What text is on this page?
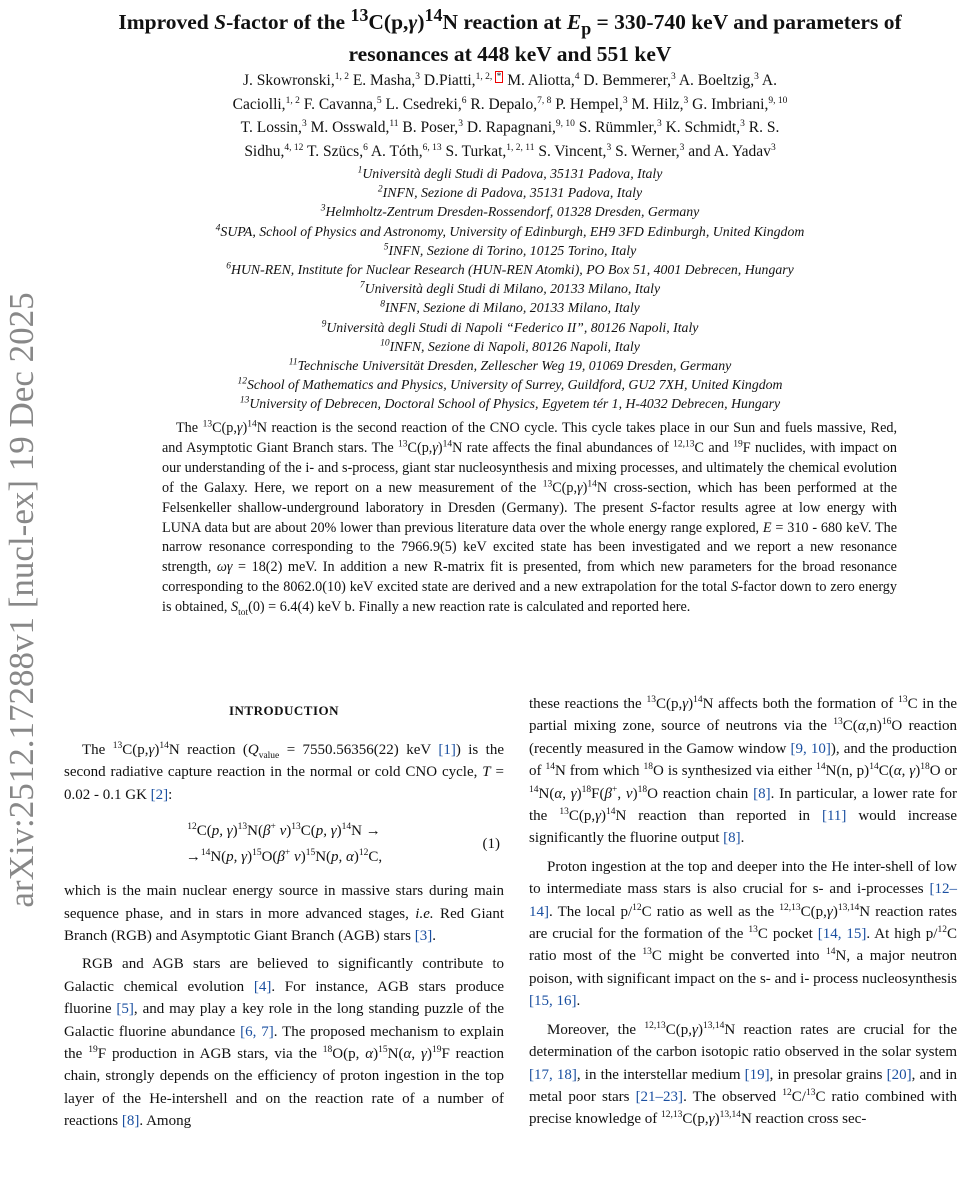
arXiv:2512.17288v1 [nucl-ex] 19 Dec 2025
Improved S-factor of the $^{13}C(p,\gamma)^{14}N$ reaction at $E_p = 330-740$ keV and parameters of
resonances at 448 keV and 551 keV
J. Skowronski,$^{1, 2}$ E. Masha,$^3$ D.Piatti,$^{1, 2, *}$ M. Aliotta,$^4$ D. Bemmerer,$^3$ A. Boeltzig,$^3$ A.
Caciolli,$^{1, 2}$ F. Cavanna,$^5$ L. Csedreki,$^6$ R. Depalo,$^{7, 8}$ P. Hempel,$^3$ M. Hilz,$^3$ G. Imbriani,$^{9, 10}$
T. Lossin,$^3$ M. Osswald,$^{11}$ B. Poser,$^3$ D. Rapagnani,$^{9, 10}$ S. Rümmler,$^3$ K. Schmidt,$^3$ R. S.
Sidhu,$^{4, 12}$ T. Szücs,$^6$ A. Tóth,$^{6, 13}$ S. Turkat,$^{1, 2, 11}$ S. Vincent,$^3$ S. Werner,$^3$ and A. Yadav$^3$
$^1$Università degli Studi di Padova, 35131 Padova, Italy
$^2$INFN, Sezione di Padova, 35131 Padova, Italy
$^3$Helmholtz-Zentrum Dresden-Rossendorf, 01328 Dresden, Germany
$^4$SUPA, School of Physics and Astronomy, University of Edinburgh, EH9 3FD Edinburgh, United Kingdom
$^5$INFN, Sezione di Torino, 10125 Torino, Italy
$^6$HUN-REN, Institute for Nuclear Research (HUN-REN Atomki), PO Box 51, 4001 Debrecen, Hungary
$^7$Università degli Studi di Milano, 20133 Milano, Italy
$^8$INFN, Sezione di Milano, 20133 Milano, Italy
$^9$Università degli Studi di Napoli “Federico II”, 80126 Napoli, Italy
$^{10}$INFN, Sezione di Napoli, 80126 Napoli, Italy
$^{11}$Technische Universität Dresden, Zellescher Weg 19, 01069 Dresden, Germany
$^{12}$School of Mathematics and Physics, University of Surrey, Guildford, GU2 7XH, United Kingdom
$^{13}$University of Debrecen, Doctoral School of Physics, Egyetem tér 1, H-4032 Debrecen, Hungary
The $^{13}C(p,\gamma)^{14}N$ reaction is the second reaction of the CNO cycle. This cycle takes place in our Sun and fuels massive, Red, and Asymptotic Giant Branch stars. The $^{13}C(p,\gamma)^{14}N$ rate affects the final abundances of $^{12,13}$C and $^{19}$F nuclides, with impact on our understanding of the i- and s-process, giant star nucleosynthesis and mixing processes, and ultimately the chemical evolution of the Galaxy. Here, we report on a new measurement of the $^{13}C(p,\gamma)^{14}N$ cross-section, which has been performed at the Felsenkeller shallow-underground laboratory in Dresden (Germany). The present S-factor results agree at low energy with LUNA data but are about 20% lower than previous literature data over the whole energy range explored, E = 310 - 680 keV. The narrow resonance corresponding to the 7966.9(5) keV excited state has been investigated and we report a new resonance strength, ωγ = 18(2) meV. In addition a new R-matrix fit is presented, from which new parameters for the broad resonance corresponding to the 8062.0(10) keV excited state are derived and a new extrapolation for the total S-factor down to zero energy is obtained, $S_{tot}(0) = 6.4(4)$ keV b. Finally a new reaction rate is calculated and reported here.
INTRODUCTION

The $^{13}C(p,\gamma)^{14}N$ reaction ($Q_{value} = 7550.56356(22)$ keV [1]) is the second radiative capture reaction in the normal or cold CNO cycle, T = 0.02 - 0.1 GK [2]:

$^{12}$C(p, γ)$^{13}$N(β+ ν)$^{13}$C(p, γ)$^{14}$N →
→$^{14}$N(p, γ)$^{15}$O(β+ ν)$^{15}$N(p, α)$^{12}$C,
(1)

which is the main nuclear energy source in massive stars during main sequence phase, and in stars in more advanced stages, i.e. Red Giant Branch (RGB) and Asymptotic Giant Branch (AGB) stars [3].

RGB and AGB stars are believed to significantly contribute to Galactic chemical evolution [4]. For instance, AGB stars produce fluorine [5], and may play a key role in the long standing puzzle of the Galactic fluorine abundance [6, 7]. The proposed mechanism to explain the $^{19}$F production in AGB stars, via the $^{18}$O(p, α)$^{15}$N(α, γ)$^{19}$F reaction chain, strongly depends on the efficiency of proton ingestion in the top layer of the He-intershell and on the reaction rate of a number of reactions [8]. Among

these reactions the $^{13}C(p,\gamma)^{14}N$ affects both the formation of $^{13}$C in the partial mixing zone, source of neutrons via the $^{13}C(\alpha,n)^{16}O$ reaction (recently measured in the Gamow window [9, 10]), and the production of $^{14}$N from which $^{18}$O is synthesized via either $^{14}$N(n, p)$^{14}$C(α, γ)$^{18}$O or $^{14}$N(α, γ)$^{18}$F(β+, ν)$^{18}$O reaction chain [8]. In particular, a lower rate for the $^{13}C(p,\gamma)^{14}N$ reaction than reported in [11] would increase significantly the fluorine output [8].

Proton ingestion at the top and deeper into the He inter-shell of low to intermediate mass stars is also crucial for s- and i-processes [12–14]. The local p/$^{12}$C ratio as well as the $^{12,13}C(p,\gamma)^{13,14}N$ reaction rates are crucial for the formation of the $^{13}$C pocket [14, 15]. At high p/$^{12}$C ratio most of the $^{13}$C might be converted into $^{14}$N, a major neutron poison, with significant impact on the s- and i- process nucleosynthesis [15, 16].

Moreover, the $^{12,13}C(p,\gamma)^{13,14}N$ reaction rates are crucial for the determination of the carbon isotopic ratio observed in the solar system [17, 18], in the interstellar medium [19], in presolar grains [20], and in metal poor stars [21–23]. The observed $^{12}$C/$^{13}$C ratio combined with precise knowledge of $^{12,13}C(p,\gamma)^{13,14}N$ reaction cross sec-
